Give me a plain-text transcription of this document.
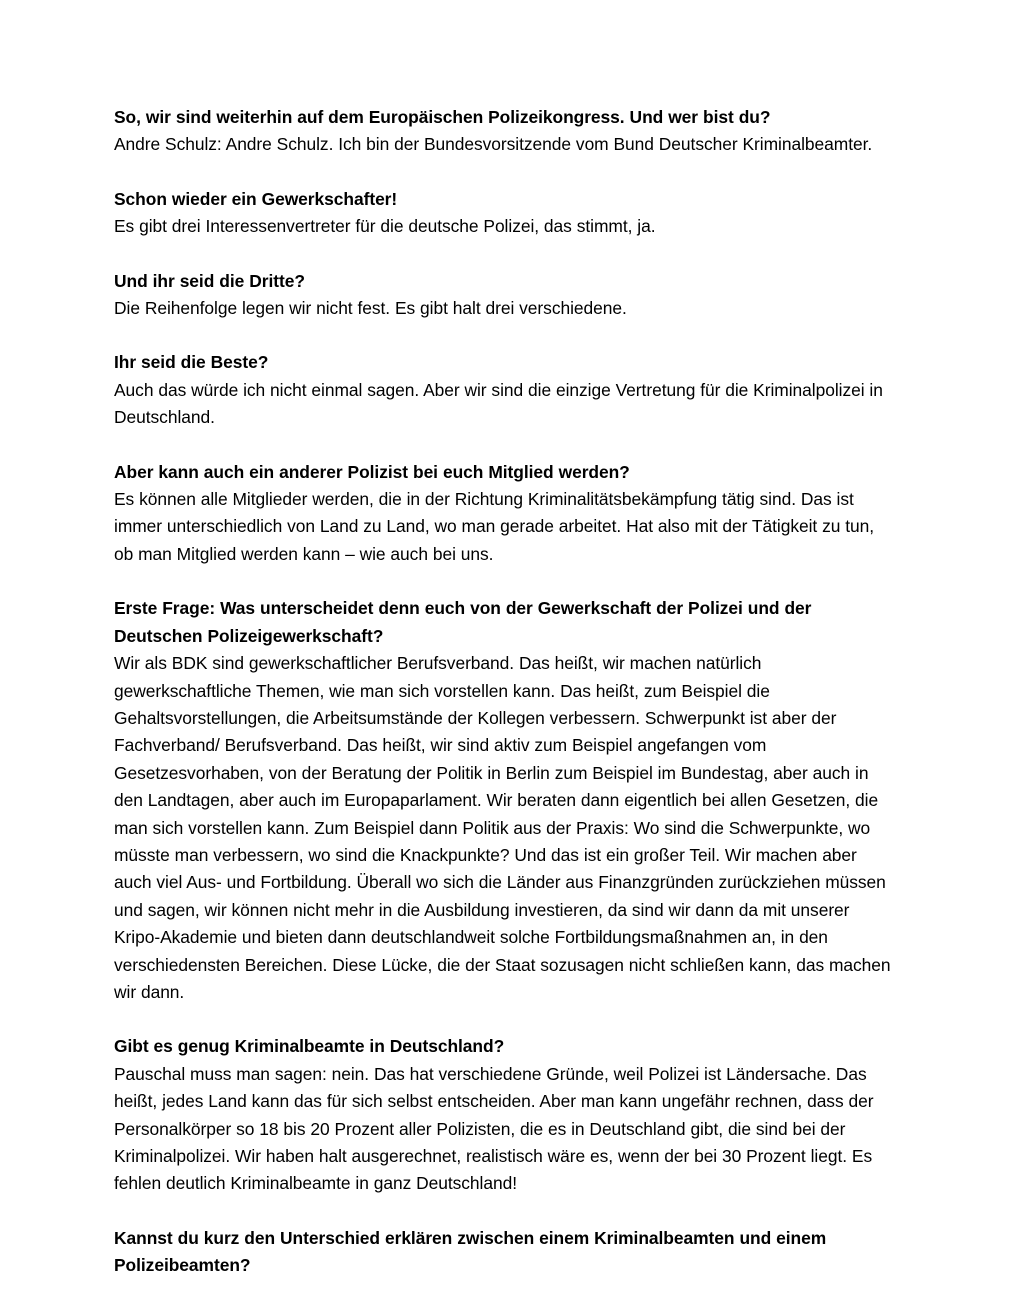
So, wir sind weiterhin auf dem Europäischen Polizeikongress. Und wer bist du?

Andre Schulz: Andre Schulz. Ich bin der Bundesvorsitzende vom Bund Deutscher Kriminalbeamter.

Schon wieder ein Gewerkschafter!

Es gibt drei Interessenvertreter für die deutsche Polizei, das stimmt, ja.

Und ihr seid die Dritte?

Die Reihenfolge legen wir nicht fest. Es gibt halt drei verschiedene.

Ihr seid die Beste?

Auch das würde ich nicht einmal sagen. Aber wir sind die einzige Vertretung für die Kriminalpolizei in Deutschland.

Aber kann auch ein anderer Polizist bei euch Mitglied werden?

Es können alle Mitglieder werden, die in der Richtung Kriminalitätsbekämpfung tätig sind. Das ist immer unterschiedlich von Land zu Land, wo man gerade arbeitet. Hat also mit der Tätigkeit zu tun, ob man Mitglied werden kann – wie auch bei uns.

Erste Frage: Was unterscheidet denn euch von der Gewerkschaft der Polizei und der Deutschen Polizeigewerkschaft?

Wir als BDK sind gewerkschaftlicher Berufsverband. Das heißt, wir machen natürlich gewerkschaftliche Themen, wie man sich vorstellen kann. Das heißt, zum Beispiel die Gehaltsvorstellungen, die Arbeitsumstände der Kollegen verbessern. Schwerpunkt ist aber der Fachverband/ Berufsverband. Das heißt, wir sind aktiv zum Beispiel angefangen vom Gesetzesvorhaben, von der Beratung der Politik in Berlin zum Beispiel im Bundestag, aber auch in den Landtagen, aber auch im Europaparlament. Wir beraten dann eigentlich bei allen Gesetzen, die man sich vorstellen kann. Zum Beispiel dann Politik aus der Praxis: Wo sind die Schwerpunkte, wo müsste man verbessern, wo sind die Knackpunkte? Und das ist ein großer Teil. Wir machen aber auch viel Aus- und Fortbildung. Überall wo sich die Länder aus Finanzgründen zurückziehen müssen und sagen, wir können nicht mehr in die Ausbildung investieren, da sind wir dann da mit unserer Kripo-Akademie und bieten dann deutschlandweit solche Fortbildungsmaßnahmen an, in den verschiedensten Bereichen. Diese Lücke, die der Staat sozusagen nicht schließen kann, das machen wir dann.

Gibt es genug Kriminalbeamte in Deutschland?

Pauschal muss man sagen: nein. Das hat verschiedene Gründe, weil Polizei ist Ländersache. Das heißt, jedes Land kann das für sich selbst entscheiden. Aber man kann ungefähr rechnen, dass der Personalkörper so 18 bis 20 Prozent aller Polizisten, die es in Deutschland gibt, die sind bei der Kriminalpolizei. Wir haben halt ausgerechnet, realistisch wäre es, wenn der bei 30 Prozent liegt. Es fehlen deutlich Kriminalbeamte in ganz Deutschland!

Kannst du kurz den Unterschied erklären zwischen einem Kriminalbeamten und einem Polizeibeamten?
